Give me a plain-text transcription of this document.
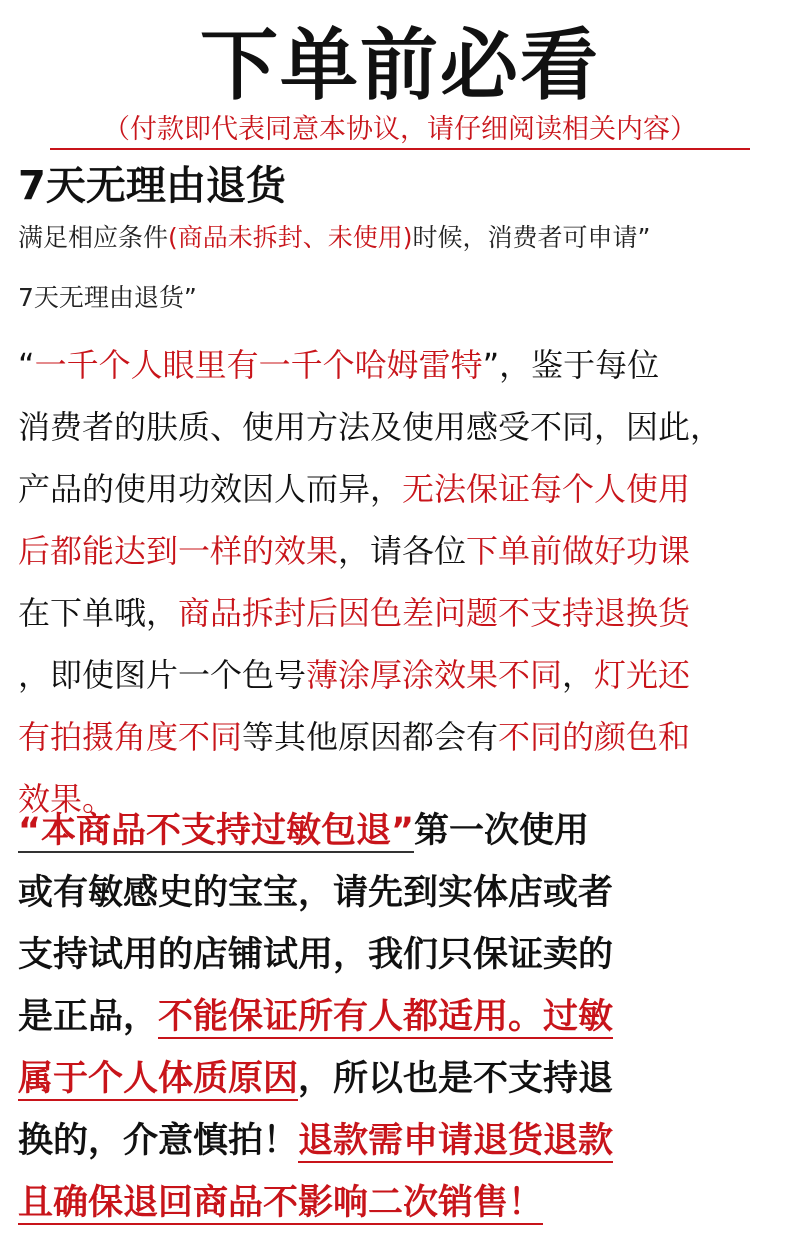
下单前必看
（付款即代表同意本协议，请仔细阅读相关内容）
7天无理由退货
满足相应条件(商品未拆封、未使用)时候，消费者可申请”
7天无理由退货”

“一千个人眼里有一千个哈姆雷特”，鉴于每位

消费者的肤质、使用方法及使用感受不同，因此，

产品的使用功效因人而异，无法保证每个人使用

后都能达到一样的效果，请各位下单前做好功课

在下单哦，商品拆封后因色差问题不支持退换货

，即使图片一个色号薄涂厚涂效果不同，灯光还

有拍摄角度不同等其他原因都会有不同的颜色和

效果。

“本商品不支持过敏包退”第一次使用

或有敏感史的宝宝，请先到实体店或者

支持试用的店铺试用，我们只保证卖的

是正品，不能保证所有人都适用。过敏

属于个人体质原因，所以也是不支持退

换的，介意慎拍！退款需申请退货退款

且确保退回商品不影响二次销售！
